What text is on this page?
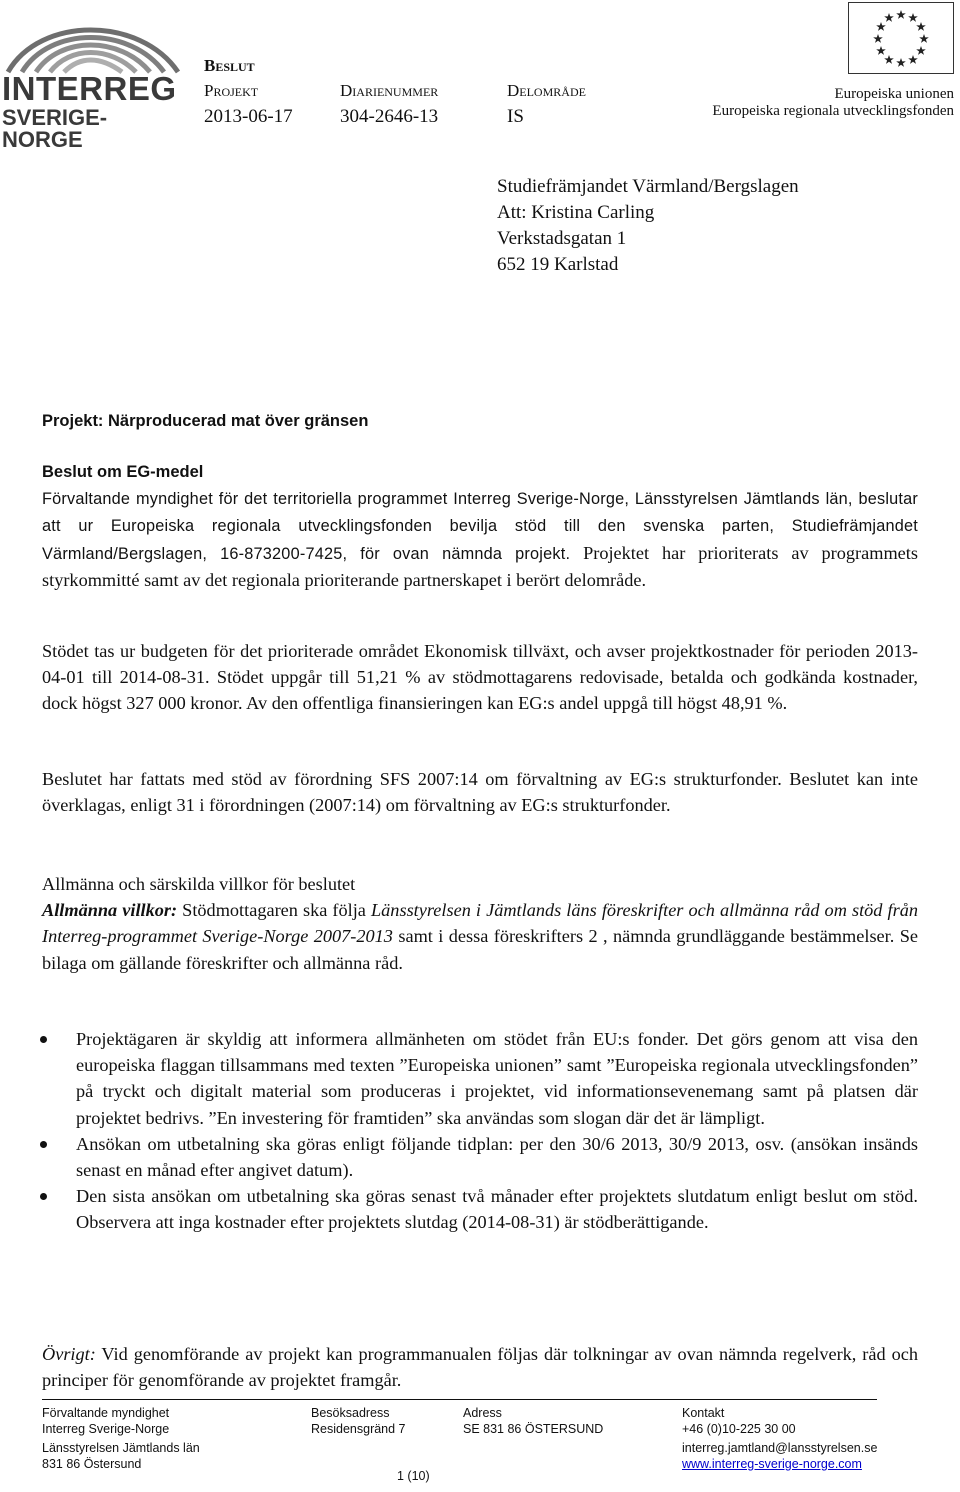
INTERREG
SVERIGE-NORGE
Beslut
Projekt
2013-06-17
Diarienummer
304-2646-13
Delområde
IS
Europeiska unionen
Europeiska regionala utvecklingsfonden
Studiefrämjandet Värmland/Bergslagen
Att: Kristina Carling
Verkstadsgatan 1
652 19 Karlstad
Projekt: Närproducerad mat över gränsen
Beslut om EG-medel
Förvaltande myndighet för det territoriella programmet Interreg Sverige-Norge, Länsstyrelsen Jämtlands län, beslutar att ur Europeiska regionala utvecklingsfonden bevilja stöd till den svenska parten, Studiefrämjandet Värmland/Bergslagen, 16-873200-7425, för ovan nämnda projekt. Projektet har prioriterats av programmets styrkommitté samt av det regionala prioriterande partnerskapet i berört delområde.
Stödet tas ur budgeten för det prioriterade området Ekonomisk tillväxt, och avser projektkostnader för perioden 2013-04-01 till 2014-08-31. Stödet uppgår till 51,21 % av stödmottagarens redovisade, betalda och godkända kostnader, dock högst 327 000 kronor. Av den offentliga finansieringen kan EG:s andel uppgå till högst 48,91 %.
Beslutet har fattats med stöd av förordning SFS 2007:14 om förvaltning av EG:s strukturfonder. Beslutet kan inte överklagas, enligt 31 i förordningen (2007:14) om förvaltning av EG:s strukturfonder.
Allmänna och särskilda villkor för beslutet
Allmänna villkor: Stödmottagaren ska följa Länsstyrelsen i Jämtlands läns föreskrifter och allmänna råd om stöd från Interreg-programmet Sverige-Norge 2007-2013 samt i dessa föreskrifters 2 , nämnda grundläggande bestämmelser. Se bilaga om gällande föreskrifter och allmänna råd.
Projektägaren är skyldig att informera allmänheten om stödet från EU:s fonder. Det görs genom att visa den europeiska flaggan tillsammans med texten ”Europeiska unionen” samt ”Europeiska regionala utvecklingsfonden” på tryckt och digitalt material som produceras i projektet, vid informationsevenemang samt på platsen där projektet bedrivs. ”En investering för framtiden” ska användas som slogan där det är lämpligt.
Ansökan om utbetalning ska göras enligt följande tidplan: per den 30/6 2013, 30/9 2013, osv. (ansökan insänds senast en månad efter angivet datum).
Den sista ansökan om utbetalning ska göras senast två månader efter projektets slutdatum enligt beslut om stöd. Observera att inga kostnader efter projektets slutdag (2014-08-31) är stödberättigande.
Övrigt: Vid genomförande av projekt kan programmanualen följas där tolkningar av ovan nämnda regelverk, råd och principer för genomförande av projektet framgår.
Förvaltande myndighet
Interreg Sverige-Norge
Länsstyrelsen Jämtlands län
831 86 Östersund
Besöksadress
Residensgränd 7
Adress
SE 831 86 ÖSTERSUND
Kontakt
+46 (0)10-225 30 00
interreg.jamtland@lansstyrelsen.se
www.interreg-sverige-norge.com
1 (10)
